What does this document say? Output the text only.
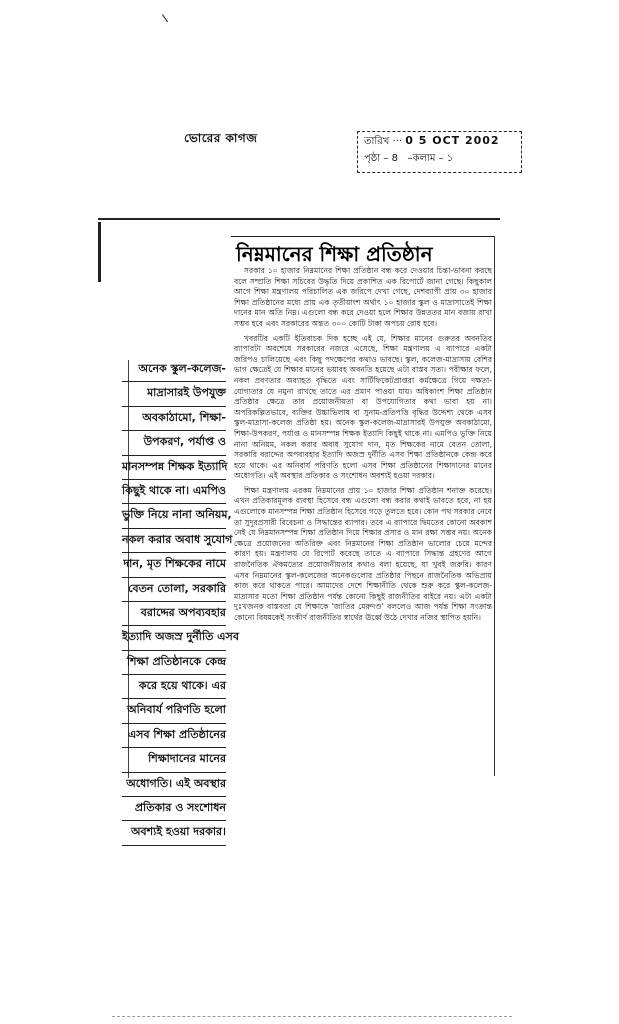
ভোরের কাগজ	তারিখ ··· 0 5 OCT 2002
পৃষ্ঠা – 8   –কলাম – ১
নিম্নমানের শিক্ষা প্রতিষ্ঠান

সরকার ১০ হাজার নিম্নমানের শিক্ষা প্রতিষ্ঠান বন্ধ করে দেওয়ার চিন্তা-ভাবনা করছে বলে সম্প্রতি শিক্ষা সচিবের উদ্ধৃতি দিয়ে প্রকাশিত এক রিপোর্টে জানা গেছে। কিছুকাল আগে শিক্ষা মন্ত্রণালয় পরিচালিত এক জরিপে দেখা গেছে, দেশব্যাপী প্রায় ৩০ হাজার শিক্ষা প্রতিষ্ঠানের মধ্যে প্রায় এক তৃতীয়াংশ অর্থাৎ ১০ হাজার স্কুল ও মাদ্রাসাতেই শিক্ষা দানের মান অতি নিম্ন। এগুলো বন্ধ করে দেওয়া হলে শিক্ষার উন্নততর মান বজায় রাখা সম্ভব হবে এবং সরকারের অন্তত ৩০০ কোটি টাকা অপচয় রোধ হবে।

খবরটির একটি ইতিবাচক দিক হচ্ছে এই যে, শিক্ষার মানের গুরুতর অবনতির ব্যাপারটা অবশেষে সরকারের নজরে এসেছে, শিক্ষা মন্ত্রণালয় এ ব্যাপারে একটা জরিপও চালিয়েছে এবং কিছু পদক্ষেপের কথাও ভাবছে। স্কুল, কলেজ-মাদ্রাসায় বেশির ভাগ ক্ষেত্রেই যে শিক্ষার মানের ভয়াবহ অবনতি হয়েছে এটা বাস্তব সত্য। পরীক্ষার ফলে, নকল প্রবণতার অব্যাহত বৃদ্ধিতে এবং সার্টিফিকেটপ্রাপ্তরা কর্মক্ষেত্রে গিয়ে দক্ষতা-যোগ্যতার যে নমুনা রাখছে তাতে এর প্রমাণ পাওয়া যায়। অধিকাংশ শিক্ষা প্রতিষ্ঠান প্রতিষ্ঠার ক্ষেত্রে তার প্রয়োজনীয়তা বা উপযোগিতার কথা ভাবা হয় না। অপরিকল্পিতভাবে, ব্যক্তির উচ্চাভিলাষ বা সুনাম-প্রতিপত্তি বৃদ্ধির উদ্দেশ্য থেকে এসব স্কুল-মাদ্রাসা-কলেজ প্রতিষ্ঠা হয়। অনেক স্কুল-কলেজ-মাদ্রাসারই উপযুক্ত অবকাঠামো, শিক্ষা-উপকরণ, পর্যাপ্ত ও মানসম্পন্ন শিক্ষক ইত্যাদি কিছুই থাকে না। এমপিও ভুক্তি নিয়ে নানা অনিয়ম, নকল করার অবাধ সুযোগ দান, মৃত শিক্ষকের নামে বেতন তোলা, সরকারি বরাদ্দের অপব্যবহার ইত্যাদি অজস্র দুর্নীতি এসব শিক্ষা প্রতিষ্ঠানকে কেন্দ্র করে হয়ে থাকে। এর অনিবার্য পরিণতি হলো এসব শিক্ষা প্রতিষ্ঠানের শিক্ষাদানের মানের অধোগতি। এই অবস্থার প্রতিকার ও সংশোধন অবশ্যই হওয়া দরকার।

শিক্ষা মন্ত্রণালয় এরকম নিম্নমানের প্রায় ১০ হাজার শিক্ষা প্রতিষ্ঠান শনাক্ত করেছে। এখন প্রতিকারমূলক ব্যবস্থা হিসেবে বন্ধ এগুলো বন্ধ করার কথাই ভাবতে হবে, না হয় এগুলোকে মানসম্পন্ন শিক্ষা প্রতিষ্ঠান হিসেবে গড়ে তুলতে হবে। কোন পথ সরকার নেবে তা সুদূরপ্রসারী বিবেচনা ও সিদ্ধান্তের ব্যাপার। তবে এ ব্যাপারে দ্বিমতের কোনো অবকাশ নেই যে নিম্নমানসম্পন্ন শিক্ষা প্রতিষ্ঠান দিয়ে শিক্ষার প্রসার ও মান রক্ষা সম্ভব নয়। অনেক ক্ষেত্রে প্রয়োজনের অতিরিক্ত এবং নিম্নমানের শিক্ষা প্রতিষ্ঠান ভালোর চেয়ে মন্দের কারণ হয়। মন্ত্রণালয় যে রিপোর্ট করেছে তাতে এ ব্যাপারে সিদ্ধান্ত গ্রহণের আগে রাজনৈতিক ঐকমত্যের প্রয়োজনীয়তার কথাও বলা হয়েছে, যা খুবই জরুরি। কারণ এসব নিম্নমানের স্কুল-কলেজের অনেকগুলোর প্রতিষ্ঠার পিছনে রাজনৈতিক অভিপ্রায় কাজ করে থাকতে পারে। আমাদের দেশে শিক্ষানীতি থেকে শুরু করে স্কুল-কলেজ-মাদ্রাসার মতো শিক্ষা প্রতিষ্ঠান পর্যন্ত কোনো কিছুই রাজনীতির বাইরে নয়। এটা একটা দুঃখজনক বাস্তবতা যে শিক্ষাকে 'জাতির মেরুদণ্ড' বললেও আজ পর্যন্ত শিক্ষা সংক্রান্ত কোনো বিষয়কেই সংকীর্ণ রাজনীতির স্বার্থের ঊর্ধ্বে উঠে দেখার নজির স্থাপিত হয়নি।

অনেক স্কুল-কলেজ-
মাদ্রাসারই উপযুক্ত
অবকাঠামো, শিক্ষা-
উপকরণ, পর্যাপ্ত ও
মানসম্পন্ন শিক্ষক ইত্যাদি
কিছুই থাকে না। এমপিও
ভুক্তি নিয়ে নানা অনিয়ম,
নকল করার অবাধ সুযোগ
দান, মৃত শিক্ষকের নামে
বেতন তোলা, সরকারি
বরাদ্দের অপব্যবহার
ইত্যাদি অজস্র দুর্নীতি এসব
শিক্ষা প্রতিষ্ঠানকে কেন্দ্র
করে হয়ে থাকে। এর
অনিবার্য পরিণতি হলো
এসব শিক্ষা প্রতিষ্ঠানের
শিক্ষাদানের মানের
অধোগতি। এই অবস্থার
প্রতিকার ও সংশোধন
অবশ্যই হওয়া দরকার।
